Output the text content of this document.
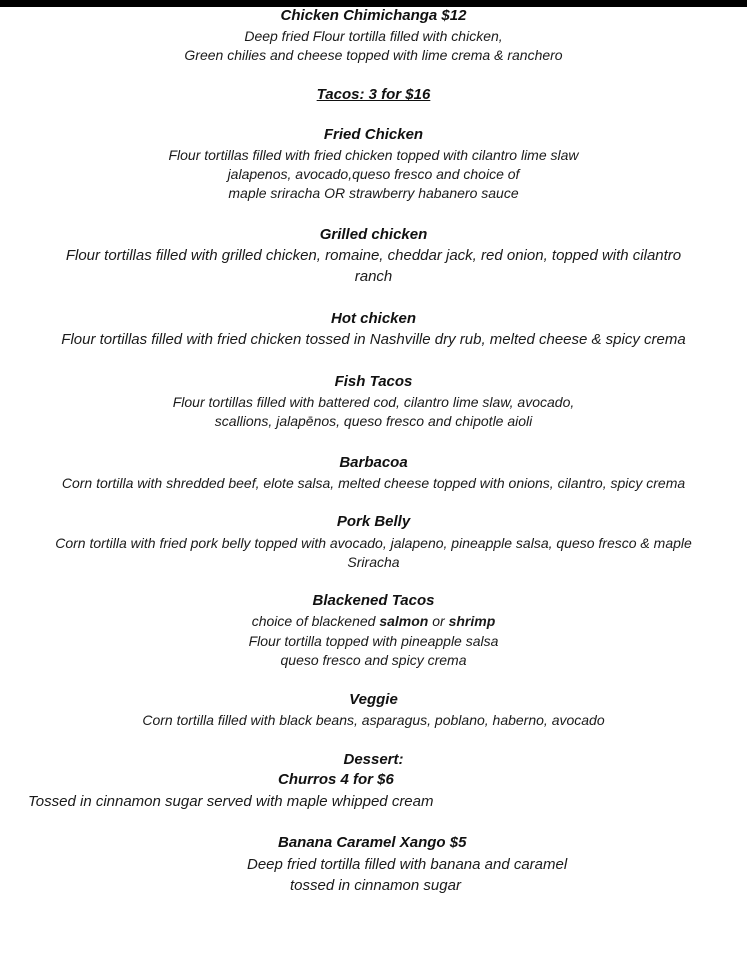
Chicken Chimichanga $12
Deep fried Flour tortilla filled with chicken,
Green chilies and cheese topped with lime crema & ranchero
Tacos: 3 for $16
Fried Chicken
Flour tortillas filled with fried chicken topped with cilantro lime slaw
jalapenos, avocado,queso fresco and choice of
maple sriracha OR strawberry habanero sauce
Grilled chicken
Flour tortillas filled with grilled chicken, romaine, cheddar jack, red onion, topped with cilantro
ranch
Hot chicken
Flour tortillas filled with fried chicken tossed in Nashville dry rub, melted cheese & spicy crema
Fish Tacos
Flour tortillas filled with battered cod, cilantro lime slaw, avocado,
scallions, jalapēnos, queso fresco and chipotle aioli
Barbacoa
Corn tortilla with shredded beef, elote salsa, melted cheese topped with onions, cilantro, spicy crema
Pork Belly
Corn tortilla with fried pork belly topped with avocado, jalapeno, pineapple salsa, queso fresco & maple
Sriracha
Blackened Tacos
choice of blackened salmon or shrimp
Flour tortilla topped with pineapple salsa
queso fresco and spicy crema
Veggie
Corn tortilla filled with black beans, asparagus, poblano, haberno, avocado
Dessert:
Churros 4 for $6
Tossed in cinnamon sugar served with maple whipped cream
Banana Caramel Xango $5
Deep fried tortilla filled with banana and caramel
tossed in cinnamon sugar
